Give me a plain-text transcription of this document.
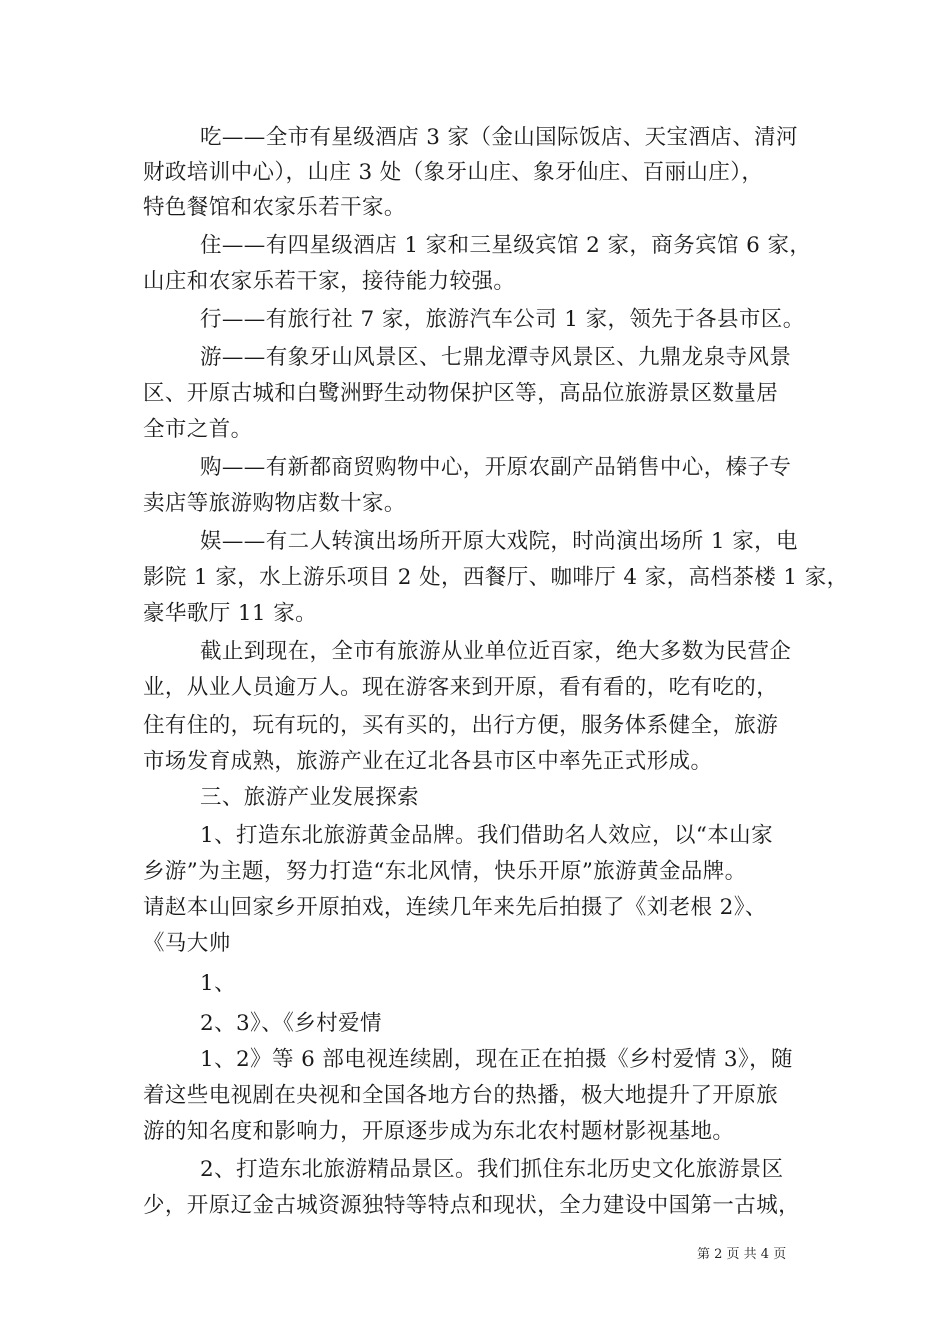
吃——全市有星级酒店 3 家（金山国际饭店、天宝酒店、清河
财政培训中心），山庄 3 处（象牙山庄、象牙仙庄、百丽山庄），
特色餐馆和农家乐若干家。
住——有四星级酒店 1 家和三星级宾馆 2 家，商务宾馆 6 家，
山庄和农家乐若干家，接待能力较强。
行——有旅行社 7 家，旅游汽车公司 1 家，领先于各县市区。
游——有象牙山风景区、七鼎龙潭寺风景区、九鼎龙泉寺风景
区、开原古城和白鹭洲野生动物保护区等，高品位旅游景区数量居
全市之首。
购——有新都商贸购物中心，开原农副产品销售中心，榛子专
卖店等旅游购物店数十家。
娱——有二人转演出场所开原大戏院，时尚演出场所 1 家，电
影院 1 家，水上游乐项目 2 处，西餐厅、咖啡厅 4 家，高档茶楼 1 家，
豪华歌厅 11 家。
截止到现在，全市有旅游从业单位近百家，绝大多数为民营企
业，从业人员逾万人。现在游客来到开原，看有看的，吃有吃的，
住有住的，玩有玩的，买有买的，出行方便，服务体系健全，旅游
市场发育成熟，旅游产业在辽北各县市区中率先正式形成。
三、旅游产业发展探索
1、打造东北旅游黄金品牌。我们借助名人效应，以“本山家
乡游”为主题，努力打造“东北风情，快乐开原”旅游黄金品牌。
请赵本山回家乡开原拍戏，连续几年来先后拍摄了《刘老根 2》、
《马大帅
1、
2、3》、《乡村爱情
1、2》等 6 部电视连续剧，现在正在拍摄《乡村爱情 3》，随
着这些电视剧在央视和全国各地方台的热播，极大地提升了开原旅
游的知名度和影响力，开原逐步成为东北农村题材影视基地。
2、打造东北旅游精品景区。我们抓住东北历史文化旅游景区
少，开原辽金古城资源独特等特点和现状，全力建设中国第一古城，
第 2 页 共 4 页
